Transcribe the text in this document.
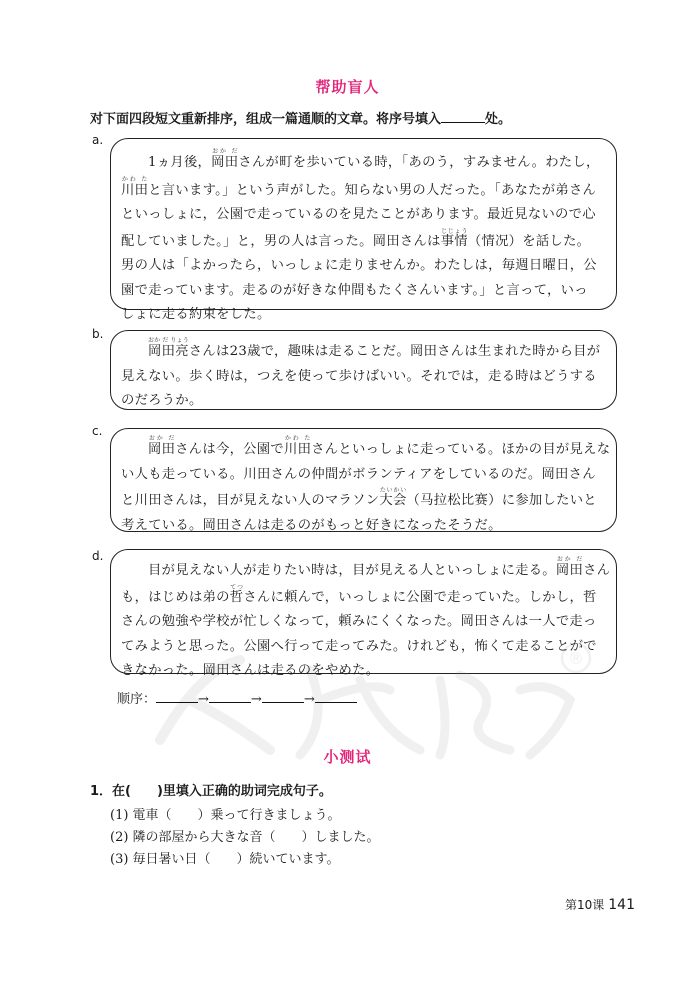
帮助盲人
对下面四段短文重新排序，组成一篇通顺的文章。将序号填入	处。
a.

1ヵ月後，岡田おか ださんが町を歩いている時，「あのう，すみません。わたし，

川田かわ たと言います。」という声がした。知らない男の人だった。「あなたが弟さん

といっしょに，公園で走っているのを見たことがあります。最近見ないので心

配していました。」と，男の人は言った。岡田さんは事情じじょう（情况）を話した。

男の人は「よかったら，いっしょに走りませんか。わたしは，毎週日曜日，公

園で走っています。走るのが好きな仲間もたくさんいます。」と言って，いっ

しょに走る約束をした。

b.

岡田亮おか だ りょうさんは23歳で，趣味は走ることだ。岡田さんは生まれた時から目が

見えない。歩く時は，つえを使って歩けばいい。それでは，走る時はどうする

のだろうか。

c.

岡田おか ださんは今，公園で川田かわ たさんといっしょに走っている。ほかの目が見えな

い人も走っている。川田さんの仲間がボランティアをしているのだ。岡田さん

と川田さんは，目が見えない人のマラソン大会たいかい（马拉松比赛）に参加したいと

考えている。岡田さんは走るのがもっと好きになったそうだ。

d.

目が見えない人が走りたい時は，目が見える人といっしょに走る。岡田おか ださん

も，はじめは弟の哲てつさんに頼んで，いっしょに公園で走っていた。しかし，哲

さんの勉強や学校が忙しくなって，頼みにくくなった。岡田さんは一人で走っ

てみようと思った。公園へ行って走ってみた。けれども，怖くて走ることがで

きなかった。岡田さんは走るのをやめた。

®
顺序：	→	→	→
小测试
1．在(　　)里填入正确的助词完成句子。
(1) 電車（　　）乗って行きましょう。
(2) 隣の部屋から大きな音（　　）しました。
(3) 毎日暑い日（　　）続いています。
第10课 141
